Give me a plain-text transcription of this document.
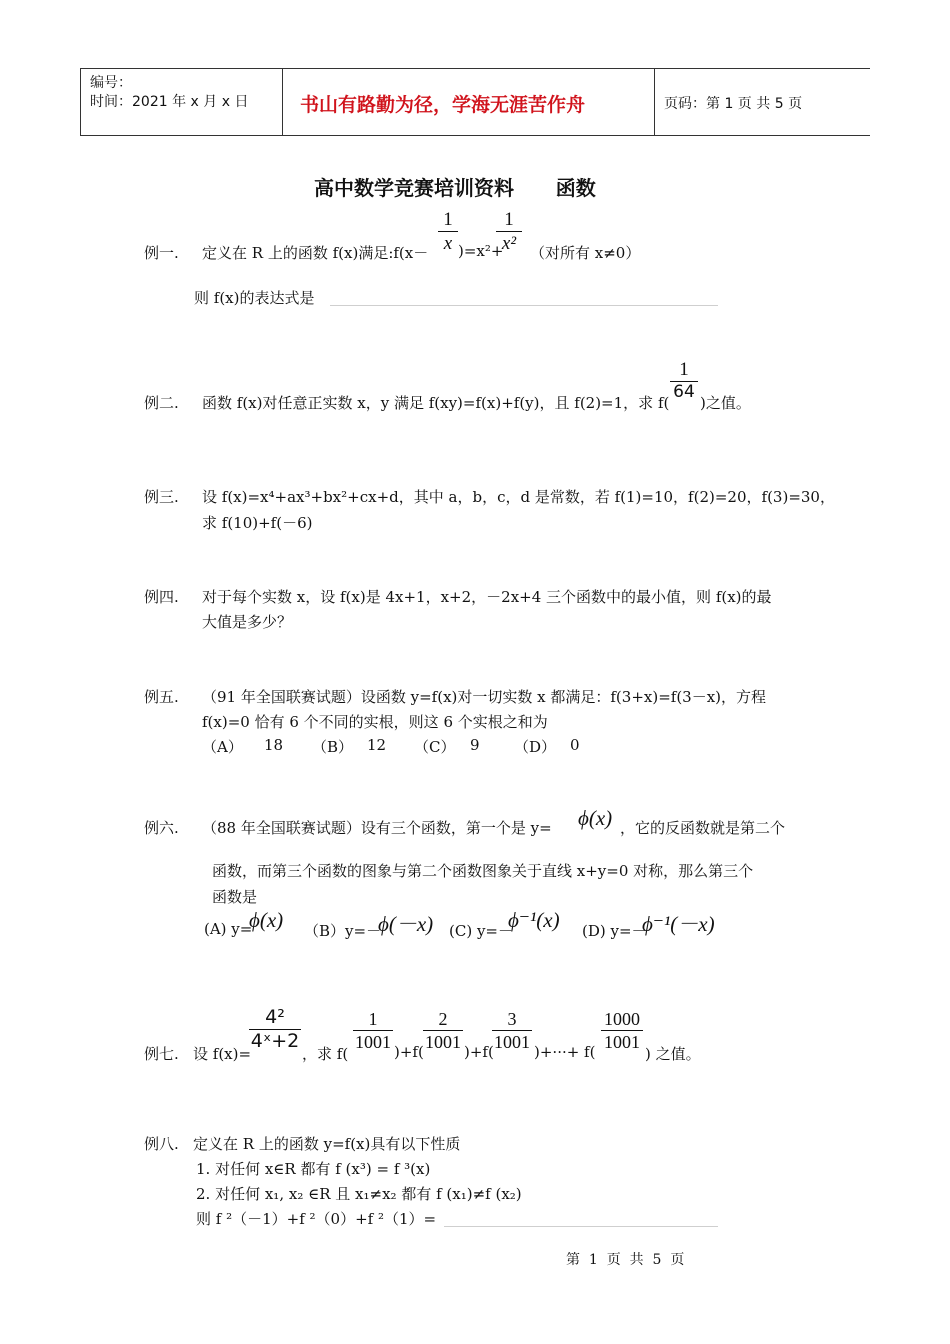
编号：
时间：2021 年 x 月 x 日	书山有路勤为径，学海无涯苦作舟	页码：第 1 页 共 5 页
高中数学竞赛培训资料      函数
例一. 定义在 R 上的函数 f(x)满足:f(x－
1
x )=x²+
1
x² （对所有 x≠0）
则 f(x)的表达式是
例二. 函数 f(x)对任意正实数 x，y 满足 f(xy)=f(x)+f(y)，且 f(2)=1，求 f(
1
64
)之值。
例三. 设 f(x)=x⁴+ax³+bx²+cx+d，其中 a，b，c，d 是常数，若 f(1)=10，f(2)=20，f(3)=30，
求 f(10)+f(－6)
例四. 对于每个实数 x，设 f(x)是 4x+1，x+2，－2x+4 三个函数中的最小值，则 f(x)的最
大值是多少？
例五. （91 年全国联赛试题）设函数 y=f(x)对一切实数 x 都满足：f(3+x)=f(3－x)，方程
f(x)=0 恰有 6 个不同的实根，则这 6 个实根之和为
（A） 18 （B） 12 （C） 9 （D） 0
例六. （88 年全国联赛试题）设有三个函数，第一个是 y= ϕ(x) ，它的反函数就是第二个
函数，而第三个函数的图象与第二个函数图象关于直线 x+y=0 对称，那么第三个
函数是
(A) y=
ϕ(x) （B）y=－
ϕ(－x) (C) y=－
ϕ⁻¹(x) (D) y=－
ϕ⁻¹(－x)
例七. 设 f(x)=
4²
4ˣ+2
，求 f(
1
1001 )+f(
2
1001 )+f(
3
1001 )+···+ f(
1000
1001
) 之值。
例八. 定义在 R 上的函数 y=f(x)具有以下性质
1. 对任何 x∈R 都有 f (x³) = f ³(x)
2. 对任何 x₁, x₂ ∈R 且 x₁≠x₂ 都有 f (x₁)≠f (x₂)
则 f ²（－1）+f ²（0）+f ²（1）=
第  1  页  共  5  页
